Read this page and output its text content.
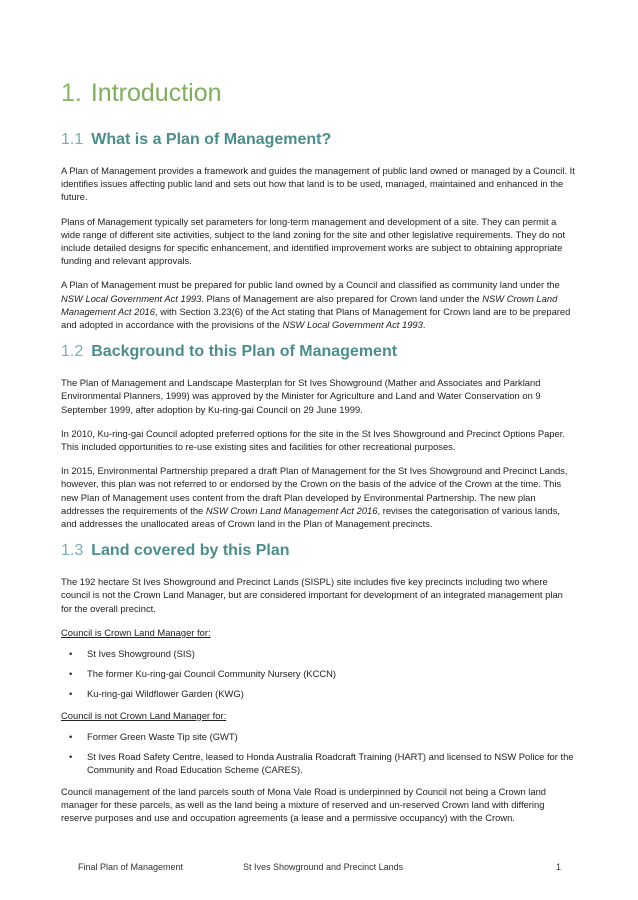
1. Introduction
1.1 What is a Plan of Management?

A Plan of Management provides a framework and guides the management of public land owned or managed by a Council. It identifies issues affecting public land and sets out how that land is to be used, managed, maintained and enhanced in the future.

Plans of Management typically set parameters for long-term management and development of a site. They can permit a wide range of different site activities, subject to the land zoning for the site and other legislative requirements. They do not include detailed designs for specific enhancement, and identified improvement works are subject to obtaining appropriate funding and relevant approvals.

A Plan of Management must be prepared for public land owned by a Council and classified as community land under the NSW Local Government Act 1993. Plans of Management are also prepared for Crown land under the NSW Crown Land Management Act 2016, with Section 3.23(6) of the Act stating that Plans of Management for Crown land are to be prepared and adopted in accordance with the provisions of the NSW Local Government Act 1993.

1.2 Background to this Plan of Management

The Plan of Management and Landscape Masterplan for St Ives Showground (Mather and Associates and Parkland Environmental Planners, 1999) was approved by the Minister for Agriculture and Land and Water Conservation on 9 September 1999, after adoption by Ku-ring-gai Council on 29 June 1999.

In 2010, Ku-ring-gai Council adopted preferred options for the site in the St Ives Showground and Precinct Options Paper. This included opportunities to re-use existing sites and facilities for other recreational purposes.

In 2015, Environmental Partnership prepared a draft Plan of Management for the St Ives Showground and Precinct Lands, however, this plan was not referred to or endorsed by the Crown on the basis of the advice of the Crown at the time. This new Plan of Management uses content from the draft Plan developed by Environmental Partnership. The new plan addresses the requirements of the NSW Crown Land Management Act 2016, revises the categorisation of various lands, and addresses the unallocated areas of Crown land in the Plan of Management precincts.

1.3 Land covered by this Plan

The 192 hectare St Ives Showground and Precinct Lands (SISPL) site includes five key precincts including two where council is not the Crown Land Manager, but are considered important for development of an integrated management plan for the overall precinct.

Council is Crown Land Manager for:

• St Ives Showground (SIS)
• The former Ku-ring-gai Council Community Nursery (KCCN)
• Ku-ring-gai Wildflower Garden (KWG)

Council is not Crown Land Manager for:

• Former Green Waste Tip site (GWT)
• St Ives Road Safety Centre, leased to Honda Australia Roadcraft Training (HART) and licensed to NSW Police for the Community and Road Education Scheme (CARES).

Council management of the land parcels south of Mona Vale Road is underpinned by Council not being a Crown land manager for these parcels, as well as the land being a mixture of reserved and un-reserved Crown land with differing reserve purposes and use and occupation agreements (a lease and a permissive occupancy) with the Crown.

Final Plan of Management	St Ives Showground and Precinct Lands	1
